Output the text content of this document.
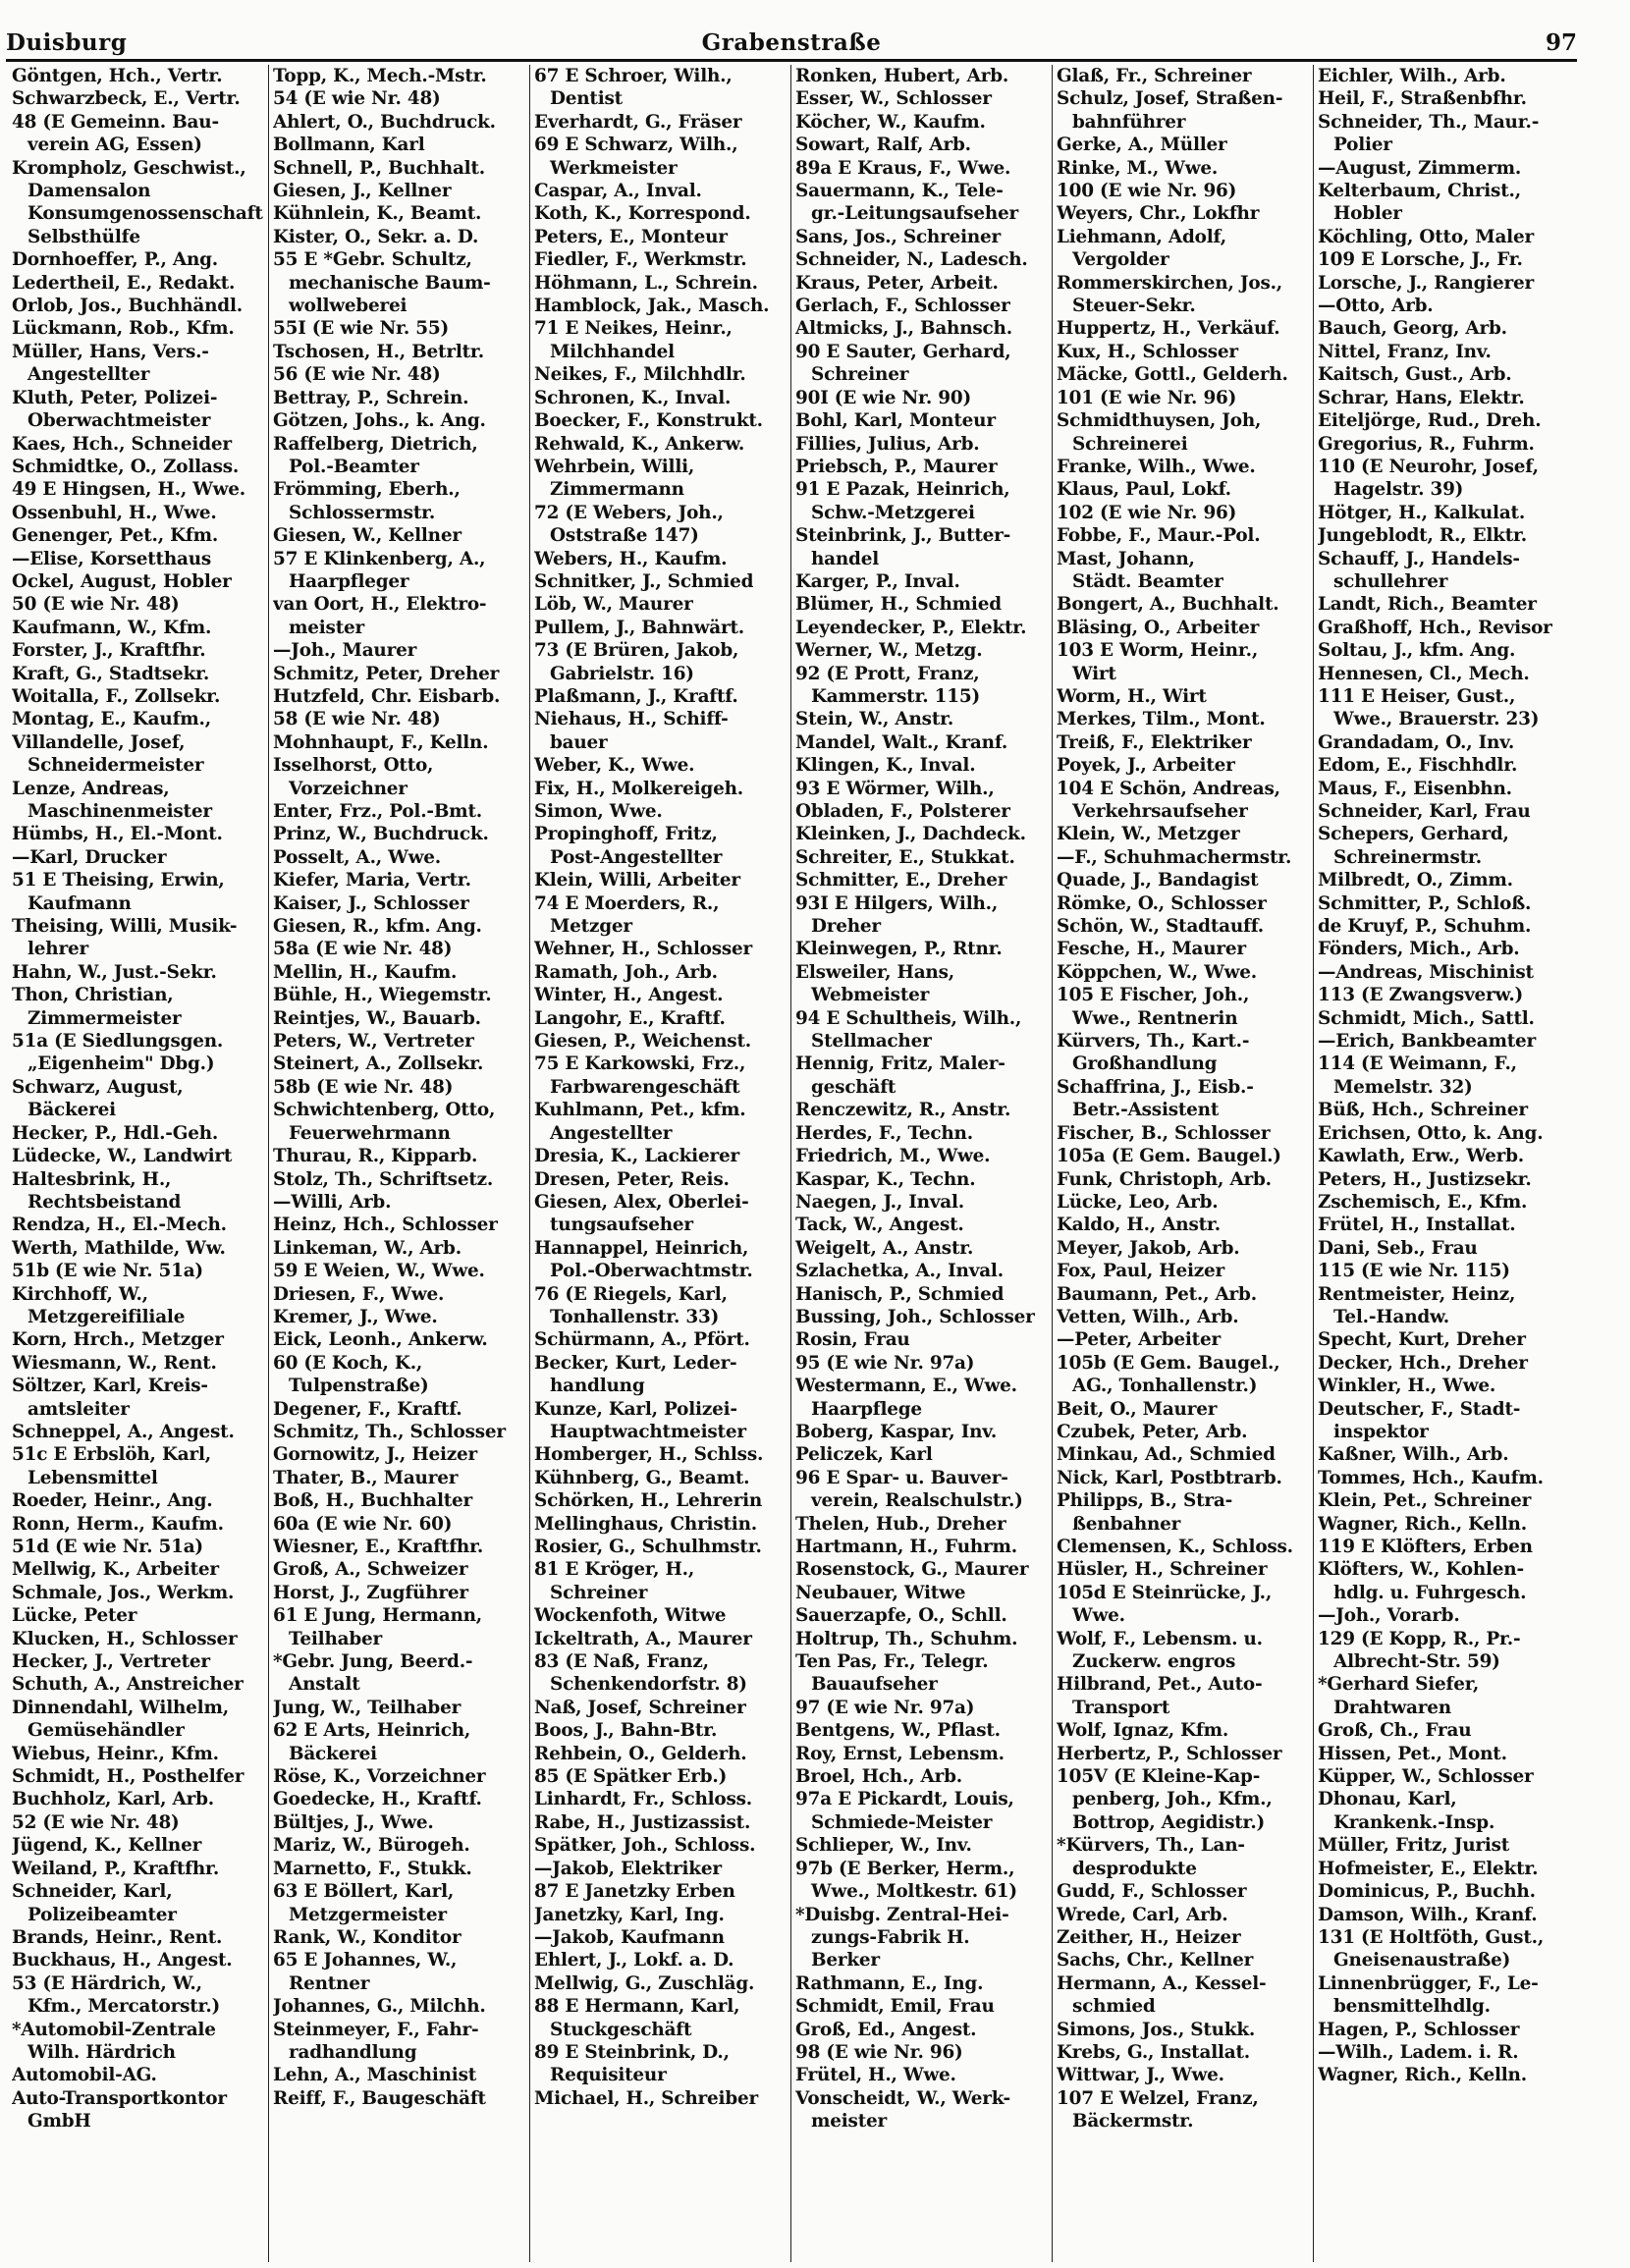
Duisburg	Grabenstraße	97
Göntgen, Hch., Vertr.
Schwarzbeck, E., Vertr.
48 (E Gemeinn. Bau-
verein AG, Essen)
Krompholz, Geschwist.,
Damensalon
Konsumgenossenschaft
Selbsthülfe
Dornhoeffer, P., Ang.
Ledertheil, E., Redakt.
Orlob, Jos., Buchhändl.
Lückmann, Rob., Kfm.
Müller, Hans, Vers.-
Angestellter
Kluth, Peter, Polizei-
Oberwachtmeister
Kaes, Hch., Schneider
Schmidtke, O., Zollass.
49 E Hingsen, H., Wwe.
Ossenbuhl, H., Wwe.
Genenger, Pet., Kfm.
—Elise, Korsetthaus
Ockel, August, Hobler
50 (E wie Nr. 48)
Kaufmann, W., Kfm.
Forster, J., Kraftfhr.
Kraft, G., Stadtsekr.
Woitalla, F., Zollsekr.
Montag, E., Kaufm.,
Villandelle, Josef,
Schneidermeister
Lenze, Andreas,
Maschinenmeister
Hümbs, H., El.-Mont.
—Karl, Drucker
51 E Theising, Erwin,
Kaufmann
Theising, Willi, Musik-
lehrer
Hahn, W., Just.-Sekr.
Thon, Christian,
Zimmermeister
51a (E Siedlungsgen.
„Eigenheim" Dbg.)
Schwarz, August,
Bäckerei
Hecker, P., Hdl.-Geh.
Lüdecke, W., Landwirt
Haltesbrink, H.,
Rechtsbeistand
Rendza, H., El.-Mech.
Werth, Mathilde, Ww.
51b (E wie Nr. 51a)
Kirchhoff, W.,
Metzgereifiliale
Korn, Hrch., Metzger
Wiesmann, W., Rent.
Söltzer, Karl, Kreis-
amtsleiter
Schneppel, A., Angest.
51c E Erbslöh, Karl,
Lebensmittel
Roeder, Heinr., Ang.
Ronn, Herm., Kaufm.
51d (E wie Nr. 51a)
Mellwig, K., Arbeiter
Schmale, Jos., Werkm.
Lücke, Peter
Klucken, H., Schlosser
Hecker, J., Vertreter
Schuth, A., Anstreicher
Dinnendahl, Wilhelm,
Gemüsehändler
Wiebus, Heinr., Kfm.
Schmidt, H., Posthelfer
Buchholz, Karl, Arb.
52 (E wie Nr. 48)
Jügend, K., Kellner
Weiland, P., Kraftfhr.
Schneider, Karl,
Polizeibeamter
Brands, Heinr., Rent.
Buckhaus, H., Angest.
53 (E Härdrich, W.,
Kfm., Mercatorstr.)
*Automobil-Zentrale
Wilh. Härdrich
Automobil-AG.
Auto-Transportkontor
GmbH
Topp, K., Mech.-Mstr.
54 (E wie Nr. 48)
Ahlert, O., Buchdruck.
Bollmann, Karl
Schnell, P., Buchhalt.
Giesen, J., Kellner
Kühnlein, K., Beamt.
Kister, O., Sekr. a. D.
55 E *Gebr. Schultz,
mechanische Baum-
wollweberei
55I (E wie Nr. 55)
Tschosen, H., Betrltr.
56 (E wie Nr. 48)
Bettray, P., Schrein.
Götzen, Johs., k. Ang.
Raffelberg, Dietrich,
Pol.-Beamter
Frömming, Eberh.,
Schlossermstr.
Giesen, W., Kellner
57 E Klinkenberg, A.,
Haarpfleger
van Oort, H., Elektro-
meister
—Joh., Maurer
Schmitz, Peter, Dreher
Hutzfeld, Chr. Eisbarb.
58 (E wie Nr. 48)
Mohnhaupt, F., Kelln.
Isselhorst, Otto,
Vorzeichner
Enter, Frz., Pol.-Bmt.
Prinz, W., Buchdruck.
Posselt, A., Wwe.
Kiefer, Maria, Vertr.
Kaiser, J., Schlosser
Giesen, R., kfm. Ang.
58a (E wie Nr. 48)
Mellin, H., Kaufm.
Bühle, H., Wiegemstr.
Reintjes, W., Bauarb.
Peters, W., Vertreter
Steinert, A., Zollsekr.
58b (E wie Nr. 48)
Schwichtenberg, Otto,
Feuerwehrmann
Thurau, R., Kipparb.
Stolz, Th., Schriftsetz.
—Willi, Arb.
Heinz, Hch., Schlosser
Linkeman, W., Arb.
59 E Weien, W., Wwe.
Driesen, F., Wwe.
Kremer, J., Wwe.
Eick, Leonh., Ankerw.
60 (E Koch, K.,
Tulpenstraße)
Degener, F., Kraftf.
Schmitz, Th., Schlosser
Gornowitz, J., Heizer
Thater, B., Maurer
Boß, H., Buchhalter
60a (E wie Nr. 60)
Wiesner, E., Kraftfhr.
Groß, A., Schweizer
Horst, J., Zugführer
61 E Jung, Hermann,
Teilhaber
*Gebr. Jung, Beerd.-
Anstalt
Jung, W., Teilhaber
62 E Arts, Heinrich,
Bäckerei
Röse, K., Vorzeichner
Goedecke, H., Kraftf.
Bültjes, J., Wwe.
Mariz, W., Bürogeh.
Marnetto, F., Stukk.
63 E Böllert, Karl,
Metzgermeister
Rank, W., Konditor
65 E Johannes, W.,
Rentner
Johannes, G., Milchh.
Steinmeyer, F., Fahr-
radhandlung
Lehn, A., Maschinist
Reiff, F., Baugeschäft
67 E Schroer, Wilh.,
Dentist
Everhardt, G., Fräser
69 E Schwarz, Wilh.,
Werkmeister
Caspar, A., Inval.
Koth, K., Korrespond.
Peters, E., Monteur
Fiedler, F., Werkmstr.
Höhmann, L., Schrein.
Hamblock, Jak., Masch.
71 E Neikes, Heinr.,
Milchhandel
Neikes, F., Milchhdlr.
Schronen, K., Inval.
Boecker, F., Konstrukt.
Rehwald, K., Ankerw.
Wehrbein, Willi,
Zimmermann
72 (E Webers, Joh.,
Oststraße 147)
Webers, H., Kaufm.
Schnitker, J., Schmied
Löb, W., Maurer
Pullem, J., Bahnwärt.
73 (E Brüren, Jakob,
Gabrielstr. 16)
Plaßmann, J., Kraftf.
Niehaus, H., Schiff-
bauer
Weber, K., Wwe.
Fix, H., Molkereigeh.
Simon, Wwe.
Propinghoff, Fritz,
Post-Angestellter
Klein, Willi, Arbeiter
74 E Moerders, R.,
Metzger
Wehner, H., Schlosser
Ramath, Joh., Arb.
Winter, H., Angest.
Langohr, E., Kraftf.
Giesen, P., Weichenst.
75 E Karkowski, Frz.,
Farbwarengeschäft
Kuhlmann, Pet., kfm.
Angestellter
Dresia, K., Lackierer
Dresen, Peter, Reis.
Giesen, Alex, Oberlei-
tungsaufseher
Hannappel, Heinrich,
Pol.-Oberwachtmstr.
76 (E Riegels, Karl,
Tonhallenstr. 33)
Schürmann, A., Pfört.
Becker, Kurt, Leder-
handlung
Kunze, Karl, Polizei-
Hauptwachtmeister
Homberger, H., Schlss.
Kühnberg, G., Beamt.
Schörken, H., Lehrerin
Mellinghaus, Christin.
Rosier, G., Schulhmstr.
81 E Kröger, H.,
Schreiner
Wockenfoth, Witwe
Ickeltrath, A., Maurer
83 (E Naß, Franz,
Schenkendorfstr. 8)
Naß, Josef, Schreiner
Boos, J., Bahn-Btr.
Rehbein, O., Gelderh.
85 (E Spätker Erb.)
Linhardt, Fr., Schloss.
Rabe, H., Justizassist.
Spätker, Joh., Schloss.
—Jakob, Elektriker
87 E Janetzky Erben
Janetzky, Karl, Ing.
—Jakob, Kaufmann
Ehlert, J., Lokf. a. D.
Mellwig, G., Zuschläg.
88 E Hermann, Karl,
Stuckgeschäft
89 E Steinbrink, D.,
Requisiteur
Michael, H., Schreiber
Ronken, Hubert, Arb.
Esser, W., Schlosser
Köcher, W., Kaufm.
Sowart, Ralf, Arb.
89a E Kraus, F., Wwe.
Sauermann, K., Tele-
gr.-Leitungsaufseher
Sans, Jos., Schreiner
Schneider, N., Ladesch.
Kraus, Peter, Arbeit.
Gerlach, F., Schlosser
Altmicks, J., Bahnsch.
90 E Sauter, Gerhard,
Schreiner
90I (E wie Nr. 90)
Bohl, Karl, Monteur
Fillies, Julius, Arb.
Priebsch, P., Maurer
91 E Pazak, Heinrich,
Schw.-Metzgerei
Steinbrink, J., Butter-
handel
Karger, P., Inval.
Blümer, H., Schmied
Leyendecker, P., Elektr.
Werner, W., Metzg.
92 (E Prott, Franz,
Kammerstr. 115)
Stein, W., Anstr.
Mandel, Walt., Kranf.
Klingen, K., Inval.
93 E Wörmer, Wilh.,
Obladen, F., Polsterer
Kleinken, J., Dachdeck.
Schreiter, E., Stukkat.
Schmitter, E., Dreher
93I E Hilgers, Wilh.,
Dreher
Kleinwegen, P., Rtnr.
Elsweiler, Hans,
Webmeister
94 E Schultheis, Wilh.,
Stellmacher
Hennig, Fritz, Maler-
geschäft
Renczewitz, R., Anstr.
Herdes, F., Techn.
Friedrich, M., Wwe.
Kaspar, K., Techn.
Naegen, J., Inval.
Tack, W., Angest.
Weigelt, A., Anstr.
Szlachetka, A., Inval.
Hanisch, P., Schmied
Bussing, Joh., Schlosser
Rosin, Frau
95 (E wie Nr. 97a)
Westermann, E., Wwe.
Haarpflege
Boberg, Kaspar, Inv.
Peliczek, Karl
96 E Spar- u. Bauver-
verein, Realschulstr.)
Thelen, Hub., Dreher
Hartmann, H., Fuhrm.
Rosenstock, G., Maurer
Neubauer, Witwe
Sauerzapfe, O., Schll.
Holtrup, Th., Schuhm.
Ten Pas, Fr., Telegr.
Bauaufseher
97 (E wie Nr. 97a)
Bentgens, W., Pflast.
Roy, Ernst, Lebensm.
Broel, Hch., Arb.
97a E Pickardt, Louis,
Schmiede-Meister
Schlieper, W., Inv.
97b (E Berker, Herm.,
Wwe., Moltkestr. 61)
*Duisbg. Zentral-Hei-
zungs-Fabrik H.
Berker
Rathmann, E., Ing.
Schmidt, Emil, Frau
Groß, Ed., Angest.
98 (E wie Nr. 96)
Frütel, H., Wwe.
Vonscheidt, W., Werk-
meister
Glaß, Fr., Schreiner
Schulz, Josef, Straßen-
bahnführer
Gerke, A., Müller
Rinke, M., Wwe.
100 (E wie Nr. 96)
Weyers, Chr., Lokfhr
Liehmann, Adolf,
Vergolder
Rommerskirchen, Jos.,
Steuer-Sekr.
Huppertz, H., Verkäuf.
Kux, H., Schlosser
Mäcke, Gottl., Gelderh.
101 (E wie Nr. 96)
Schmidthuysen, Joh,
Schreinerei
Franke, Wilh., Wwe.
Klaus, Paul, Lokf.
102 (E wie Nr. 96)
Fobbe, F., Maur.-Pol.
Mast, Johann,
Städt. Beamter
Bongert, A., Buchhalt.
Bläsing, O., Arbeiter
103 E Worm, Heinr.,
Wirt
Worm, H., Wirt
Merkes, Tilm., Mont.
Treiß, F., Elektriker
Poyek, J., Arbeiter
104 E Schön, Andreas,
Verkehrsaufseher
Klein, W., Metzger
—F., Schuhmachermstr.
Quade, J., Bandagist
Römke, O., Schlosser
Schön, W., Stadtauff.
Fesche, H., Maurer
Köppchen, W., Wwe.
105 E Fischer, Joh.,
Wwe., Rentnerin
Kürvers, Th., Kart.-
Großhandlung
Schaffrina, J., Eisb.-
Betr.-Assistent
Fischer, B., Schlosser
105a (E Gem. Baugel.)
Funk, Christoph, Arb.
Lücke, Leo, Arb.
Kaldo, H., Anstr.
Meyer, Jakob, Arb.
Fox, Paul, Heizer
Baumann, Pet., Arb.
Vetten, Wilh., Arb.
—Peter, Arbeiter
105b (E Gem. Baugel.,
AG., Tonhallenstr.)
Beit, O., Maurer
Czubek, Peter, Arb.
Minkau, Ad., Schmied
Nick, Karl, Postbtrarb.
Philipps, B., Stra-
ßenbahner
Clemensen, K., Schloss.
Hüsler, H., Schreiner
105d E Steinrücke, J.,
Wwe.
Wolf, F., Lebensm. u.
Zuckerw. engros
Hilbrand, Pet., Auto-
Transport
Wolf, Ignaz, Kfm.
Herbertz, P., Schlosser
105V (E Kleine-Kap-
penberg, Joh., Kfm.,
Bottrop, Aegidistr.)
*Kürvers, Th., Lan-
desprodukte
Gudd, F., Schlosser
Wrede, Carl, Arb.
Zeither, H., Heizer
Sachs, Chr., Kellner
Hermann, A., Kessel-
schmied
Simons, Jos., Stukk.
Krebs, G., Installat.
Wittwar, J., Wwe.
107 E Welzel, Franz,
Bäckermstr.
Eichler, Wilh., Arb.
Heil, F., Straßenbfhr.
Schneider, Th., Maur.-
Polier
—August, Zimmerm.
Kelterbaum, Christ.,
Hobler
Köchling, Otto, Maler
109 E Lorsche, J., Fr.
Lorsche, J., Rangierer
—Otto, Arb.
Bauch, Georg, Arb.
Nittel, Franz, Inv.
Kaitsch, Gust., Arb.
Schrar, Hans, Elektr.
Eiteljörge, Rud., Dreh.
Gregorius, R., Fuhrm.
110 (E Neurohr, Josef,
Hagelstr. 39)
Hötger, H., Kalkulat.
Jungeblodt, R., Elktr.
Schauff, J., Handels-
schullehrer
Landt, Rich., Beamter
Graßhoff, Hch., Revisor
Soltau, J., kfm. Ang.
Hennesen, Cl., Mech.
111 E Heiser, Gust.,
Wwe., Brauerstr. 23)
Grandadam, O., Inv.
Edom, E., Fischhdlr.
Maus, F., Eisenbhn.
Schneider, Karl, Frau
Schepers, Gerhard,
Schreinermstr.
Milbredt, O., Zimm.
Schmitter, P., Schloß.
de Kruyf, P., Schuhm.
Fönders, Mich., Arb.
—Andreas, Mischinist
113 (E Zwangsverw.)
Schmidt, Mich., Sattl.
—Erich, Bankbeamter
114 (E Weimann, F.,
Memelstr. 32)
Büß, Hch., Schreiner
Erichsen, Otto, k. Ang.
Kawlath, Erw., Werb.
Peters, H., Justizsekr.
Zschemisch, E., Kfm.
Frütel, H., Installat.
Dani, Seb., Frau
115 (E wie Nr. 115)
Rentmeister, Heinz,
Tel.-Handw.
Specht, Kurt, Dreher
Decker, Hch., Dreher
Winkler, H., Wwe.
Deutscher, F., Stadt-
inspektor
Kaßner, Wilh., Arb.
Tommes, Hch., Kaufm.
Klein, Pet., Schreiner
Wagner, Rich., Kelln.
119 E Klöfters, Erben
Klöfters, W., Kohlen-
hdlg. u. Fuhrgesch.
—Joh., Vorarb.
129 (E Kopp, R., Pr.-
Albrecht-Str. 59)
*Gerhard Siefer,
Drahtwaren
Groß, Ch., Frau
Hissen, Pet., Mont.
Küpper, W., Schlosser
Dhonau, Karl,
Krankenk.-Insp.
Müller, Fritz, Jurist
Hofmeister, E., Elektr.
Dominicus, P., Buchh.
Damson, Wilh., Kranf.
131 (E Holtföth, Gust.,
Gneisenaustraße)
Linnenbrügger, F., Le-
bensmittelhdlg.
Hagen, P., Schlosser
—Wilh., Ladem. i. R.
Wagner, Rich., Kelln.
